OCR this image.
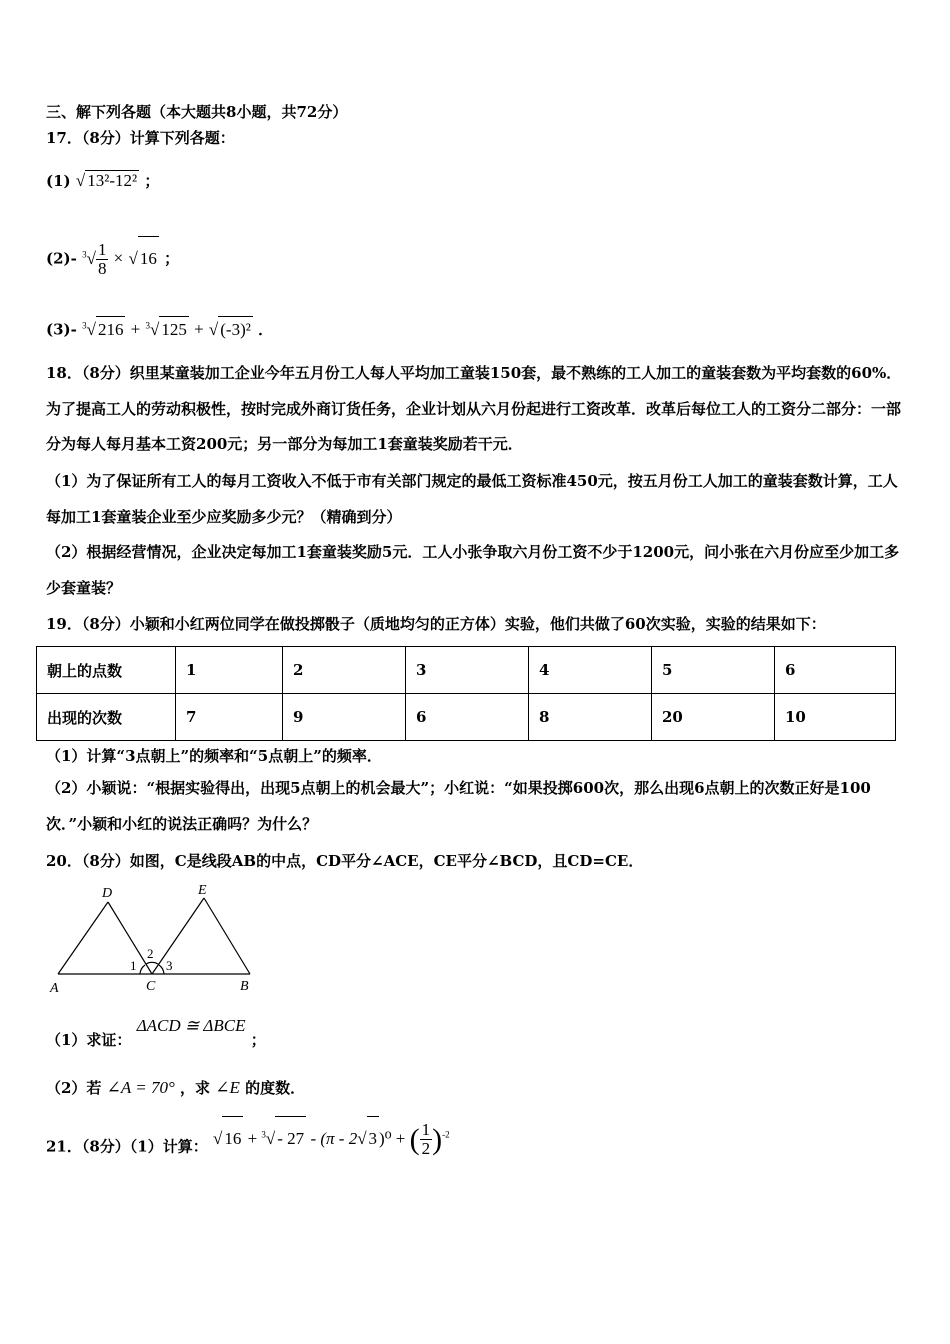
三、解下列各题（本大题共8小题，共72分）
17．（8分）计算下列各题：
(1) √ 13²-12² ；
(2)- $^3√ \frac{1}{8}$ × √ 16 ；
(3)- $^3$√ 216 + $^3$√ 125 + √ (-3)² ．
18．（8分）织里某童装加工企业今年五月份工人每人平均加工童装150套，最不熟练的工人加工的童装套数为平均套数的60%．为了提高工人的劳动积极性，按时完成外商订货任务，企业计划从六月份起进行工资改革．改革后每位工人的工资分二部分：一部分为每人每月基本工资200元；另一部分为每加工1套童装奖励若干元．
（1）为了保证所有工人的每月工资收入不低于市有关部门规定的最低工资标准450元，按五月份工人加工的童装套数计算，工人每加工1套童装企业至少应奖励多少元？（精确到分）
（2）根据经营情况，企业决定每加工1套童装奖励5元．工人小张争取六月份工资不少于1200元，问小张在六月份应至少加工多少套童装？
19．（8分）小颖和小红两位同学在做投掷骰子（质地均匀的正方体）实验，他们共做了60次实验，实验的结果如下：
朝上的点数	1	2	3	4	5	6
出现的次数	7	9	6	8	20	10
（1）计算“3点朝上”的频率和“5点朝上”的频率．
（2）小颖说：“根据实验得出，出现5点朝上的机会最大”；小红说：“如果投掷600次，那么出现6点朝上的次数正好是100次．”小颖和小红的说法正确吗？为什么？
20．（8分）如图，C是线段AB的中点，CD平分∠ACE，CE平分∠BCD，且CD=CE．
D	E
A	C	B
1
2
3
（1）求证： ΔACD ≅ ΔBCE ；
（2）若 ∠A = 70° ，求 ∠E 的度数．
21．（8分）（1）计算： √ 16 + $^3$√ - 27 - (π - 2√ 3 )⁰ + ( $\frac{1}{2} )^{-2}$
